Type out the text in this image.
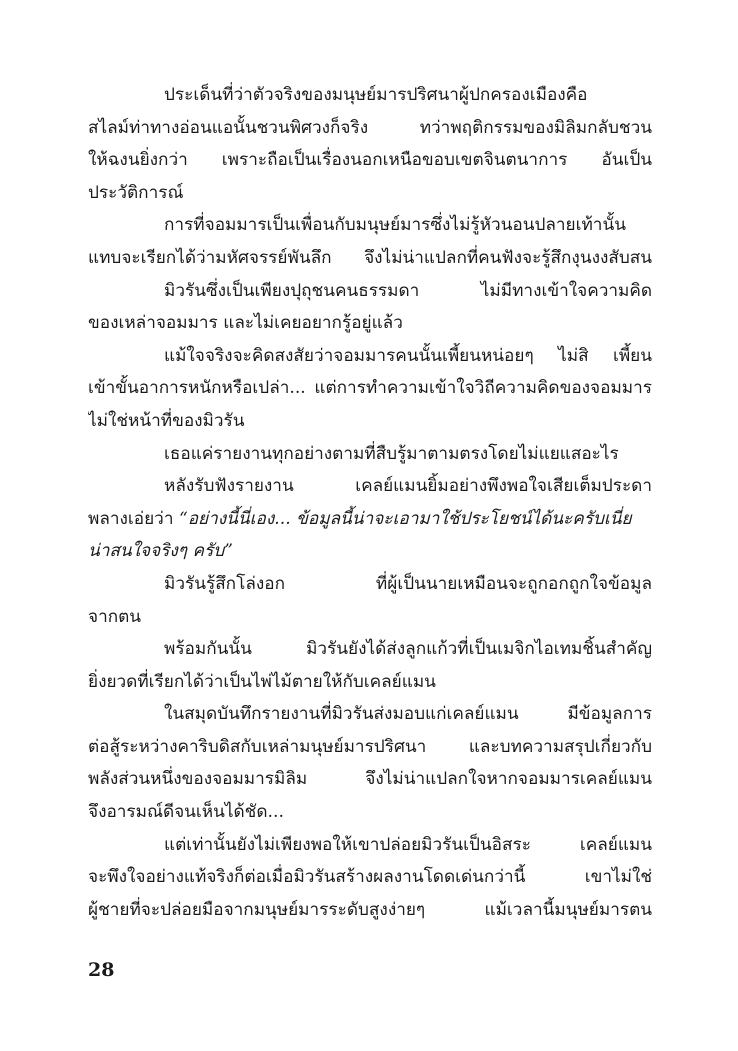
ประเด็นที่ว่าตัวจริงของมนุษย์มารปริศนาผู้ปกครองเมืองคือ
สไลม์ท่าทางอ่อนแอนั้นชวนพิศวงก็จริง ทว่าพฤติกรรมของมิลิมกลับชวน
ให้ฉงนยิ่งกว่า เพราะถือเป็นเรื่องนอกเหนือขอบเขตจินตนาการ อันเป็น
ประวัติการณ์
การที่จอมมารเป็นเพื่อนกับมนุษย์มารซึ่งไม่รู้หัวนอนปลายเท้านั้น
แทบจะเรียกได้ว่ามหัศจรรย์พันลึก จึงไม่น่าแปลกที่คนฟังจะรู้สึกงุนงงสับสน
มิวรันซึ่งเป็นเพียงปุถุชนคนธรรมดา ไม่มีทางเข้าใจความคิด
ของเหล่าจอมมาร และไม่เคยอยากรู้อยู่แล้ว
แม้ใจจริงจะคิดสงสัยว่าจอมมารคนนั้นเพี้ยนหน่อยๆ ไม่สิ เพี้ยน
เข้าขั้นอาการหนักหรือเปล่า... แต่การทำความเข้าใจวิถีความคิดของจอมมาร
ไม่ใช่หน้าที่ของมิวรัน
เธอแค่รายงานทุกอย่างตามที่สืบรู้มาตามตรงโดยไม่แยแสอะไร
หลังรับฟังรายงาน เคลย์แมนยิ้มอย่างพึงพอใจเสียเต็มประดา
พลางเอ่ยว่า “อย่างนี้นี่เอง... ข้อมูลนี้น่าจะเอามาใช้ประโยชน์ได้นะครับเนี่ย
น่าสนใจจริงๆ ครับ”
มิวรันรู้สึกโล่งอก ที่ผู้เป็นนายเหมือนจะถูกอกถูกใจข้อมูล
จากตน
พร้อมกันนั้น มิวรันยังได้ส่งลูกแก้วที่เป็นเมจิกไอเทมชิ้นสำคัญ
ยิ่งยวดที่เรียกได้ว่าเป็นไพ่ไม้ตายให้กับเคลย์แมน
ในสมุดบันทึกรายงานที่มิวรันส่งมอบแก่เคลย์แมน มีข้อมูลการ
ต่อสู้ระหว่างคาริบดิสกับเหล่ามนุษย์มารปริศนา และบทความสรุปเกี่ยวกับ
พลังส่วนหนึ่งของจอมมารมิลิม จึงไม่น่าแปลกใจหากจอมมารเคลย์แมน
จึงอารมณ์ดีจนเห็นได้ชัด...
แต่เท่านั้นยังไม่เพียงพอให้เขาปล่อยมิวรันเป็นอิสระ เคลย์แมน
จะพึงใจอย่างแท้จริงก็ต่อเมื่อมิวรันสร้างผลงานโดดเด่นกว่านี้ เขาไม่ใช่
ผู้ชายที่จะปล่อยมือจากมนุษย์มารระดับสูงง่ายๆ แม้เวลานี้มนุษย์มารตน
28
